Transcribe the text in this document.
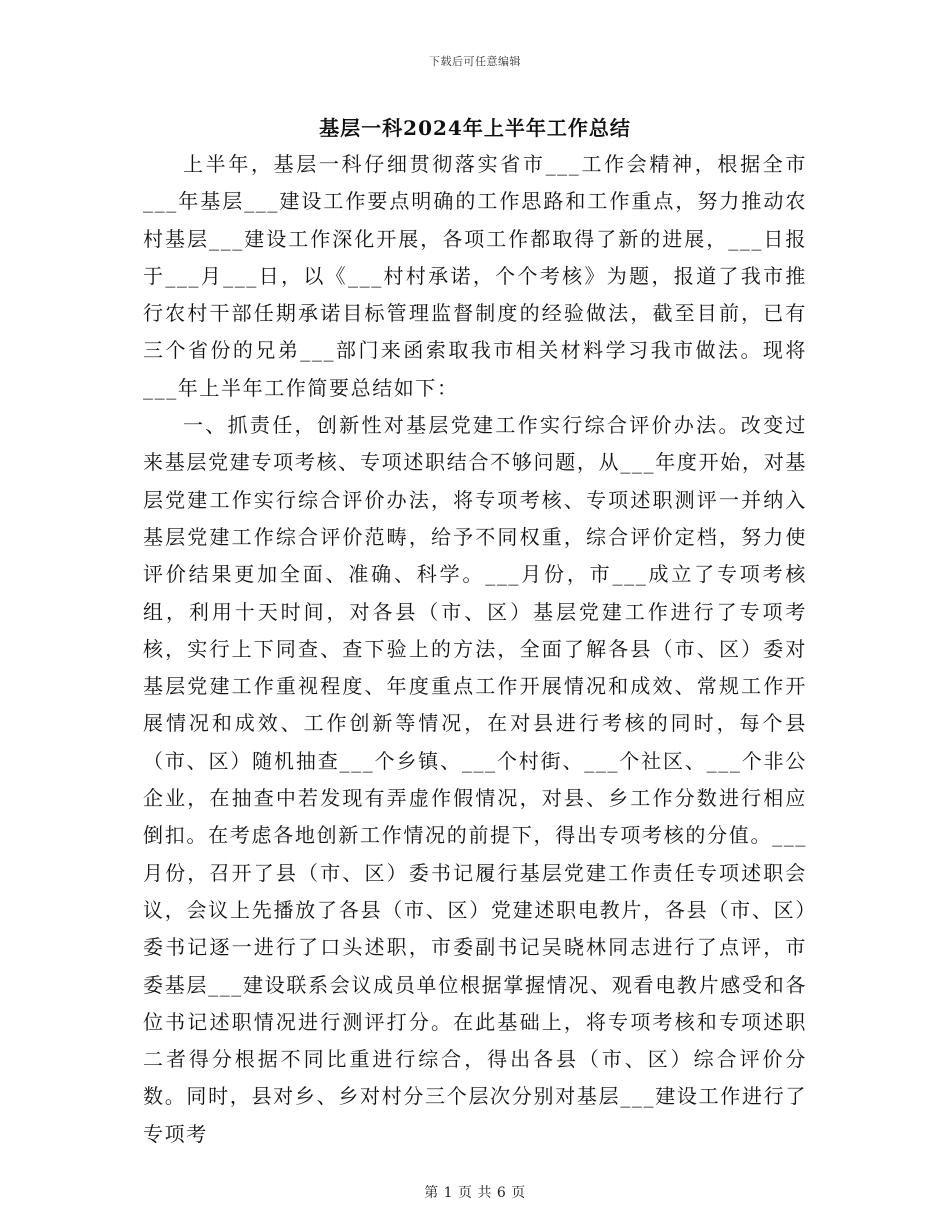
下载后可任意编辑
基层一科2024年上半年工作总结

上半年，基层一科仔细贯彻落实省市___工作会精神，根据全市___年基层___建设工作要点明确的工作思路和工作重点，努力推动农村基层___建设工作深化开展，各项工作都取得了新的进展，___日报于___月___日，以《___村村承诺，个个考核》为题，报道了我市推行农村干部任期承诺目标管理监督制度的经验做法，截至目前，已有三个省份的兄弟___部门来函索取我市相关材料学习我市做法。现将___年上半年工作简要总结如下：

一、抓责任，创新性对基层党建工作实行综合评价办法。改变过来基层党建专项考核、专项述职结合不够问题，从___年度开始，对基层党建工作实行综合评价办法，将专项考核、专项述职测评一并纳入基层党建工作综合评价范畴，给予不同权重，综合评价定档，努力使评价结果更加全面、准确、科学。___月份，市___成立了专项考核组，利用十天时间，对各县（市、区）基层党建工作进行了专项考核，实行上下同查、查下验上的方法，全面了解各县（市、区）委对基层党建工作重视程度、年度重点工作开展情况和成效、常规工作开展情况和成效、工作创新等情况，在对县进行考核的同时，每个县（市、区）随机抽查___个乡镇、___个村街、___个社区、___个非公企业，在抽查中若发现有弄虚作假情况，对县、乡工作分数进行相应倒扣。在考虑各地创新工作情况的前提下，得出专项考核的分值。___月份，召开了县（市、区）委书记履行基层党建工作责任专项述职会议，会议上先播放了各县（市、区）党建述职电教片，各县（市、区）委书记逐一进行了口头述职，市委副书记吴晓林同志进行了点评，市委基层___建设联系会议成员单位根据掌握情况、观看电教片感受和各位书记述职情况进行测评打分。在此基础上，将专项考核和专项述职二者得分根据不同比重进行综合，得出各县（市、区）综合评价分数。同时，县对乡、乡对村分三个层次分别对基层___建设工作进行了专项考

第 1 页 共 6 页
